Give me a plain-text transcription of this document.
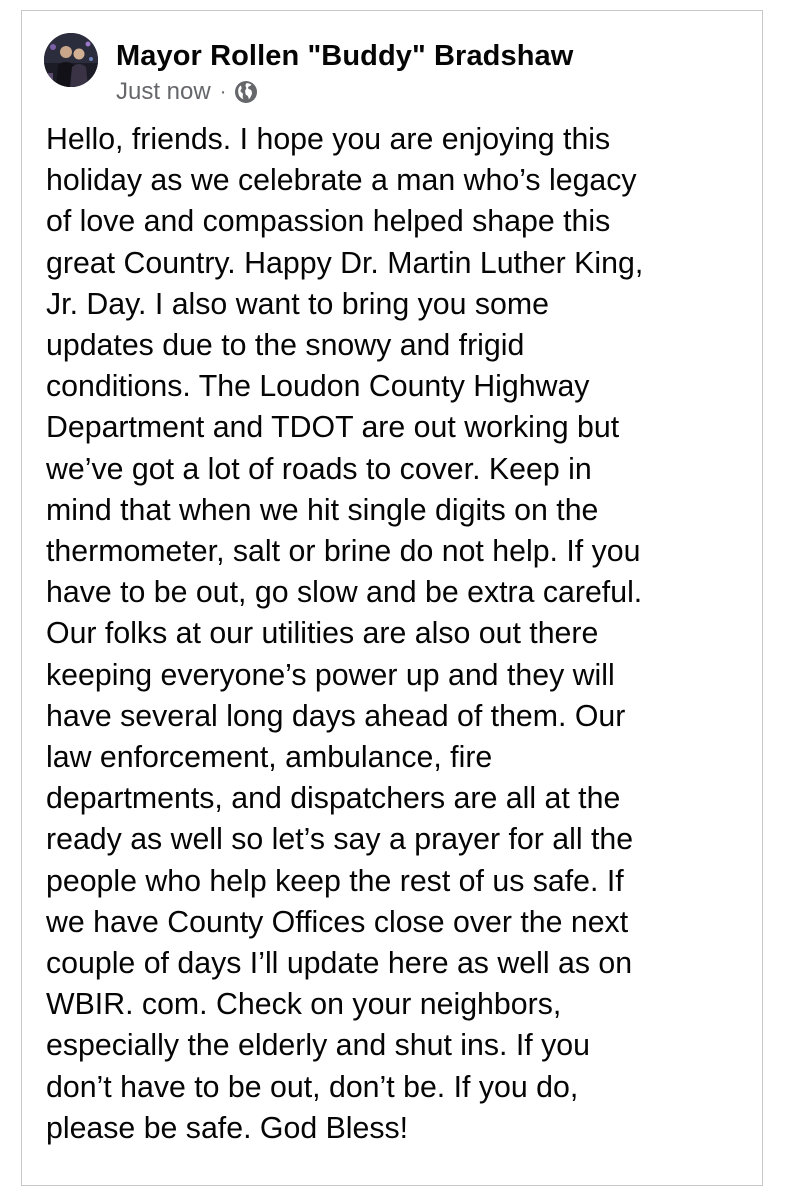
Mayor Rollen "Buddy" Bradshaw
Just now ·
Hello, friends. I hope you are enjoying this
holiday as we celebrate a man who’s legacy
of love and compassion helped shape this
great Country. Happy Dr. Martin Luther King,
Jr. Day. I also want to bring you some
updates due to the snowy and frigid
conditions. The Loudon County Highway
Department and TDOT are out working but
we’ve got a lot of roads to cover. Keep in
mind that when we hit single digits on the
thermometer, salt or brine do not help. If you
have to be out, go slow and be extra careful.
Our folks at our utilities are also out there
keeping everyone’s power up and they will
have several long days ahead of them. Our
law enforcement, ambulance, fire
departments, and dispatchers are all at the
ready as well so let’s say a prayer for all the
people who help keep the rest of us safe. If
we have County Offices close over the next
couple of days I’ll update here as well as on
WBIR. com. Check on your neighbors,
especially the elderly and shut ins. If you
don’t have to be out, don’t be. If you do,
please be safe. God Bless!
